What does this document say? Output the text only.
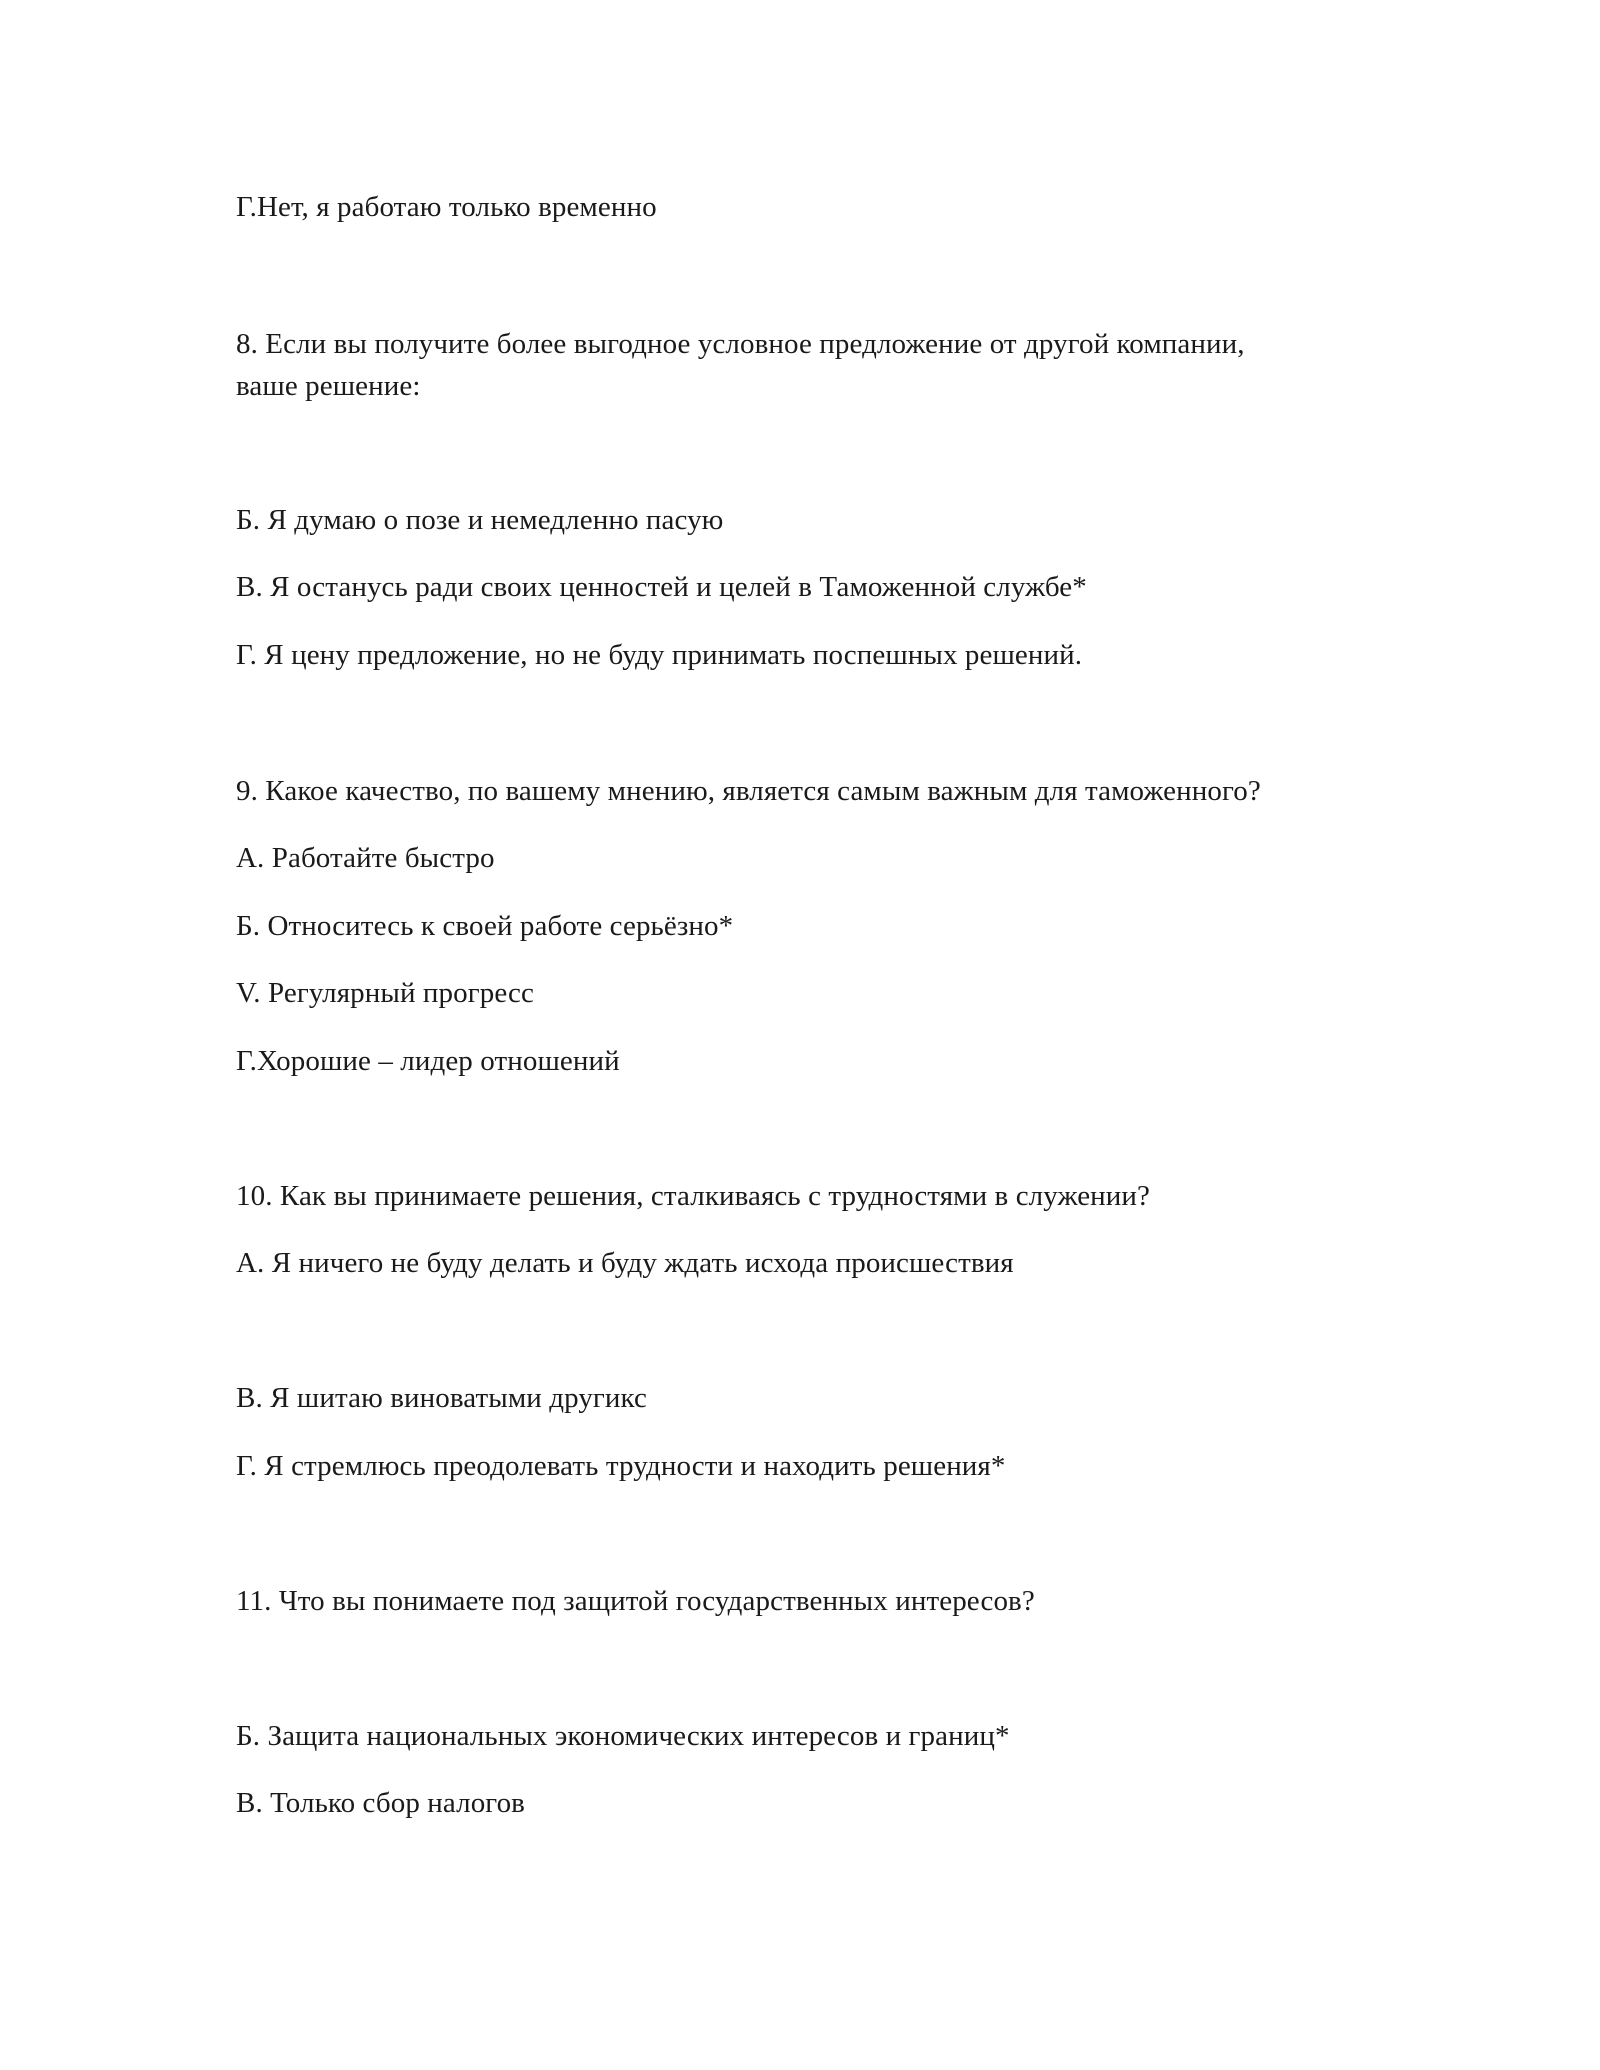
Г.Нет, я работаю только временно
8. Если вы получите более выгодное условное предложение от другой компании,
ваше решение:
Б. Я думаю о позе и немедленно пасую
В. Я останусь ради своих ценностей и целей в Таможенной службе*
Г. Я цену предложение, но не буду принимать поспешных решений.
9. Какое качество, по вашему мнению, является самым важным для таможенного?
А. Работайте быстро
Б. Относитесь к своей работе серьёзно*
V. Регулярный прогресс
Г.Хорошие – лидер отношений
10. Как вы принимаете решения, сталкиваясь с трудностями в служении?
А. Я ничего не буду делать и буду ждать исхода происшествия
В. Я шитаю виноватыми другикс
Г. Я стремлюсь преодолевать трудности и находить решения*
11. Что вы понимаете под защитой государственных интересов?
Б. Защита национальных экономических интересов и границ*
В. Только сбор налогов
